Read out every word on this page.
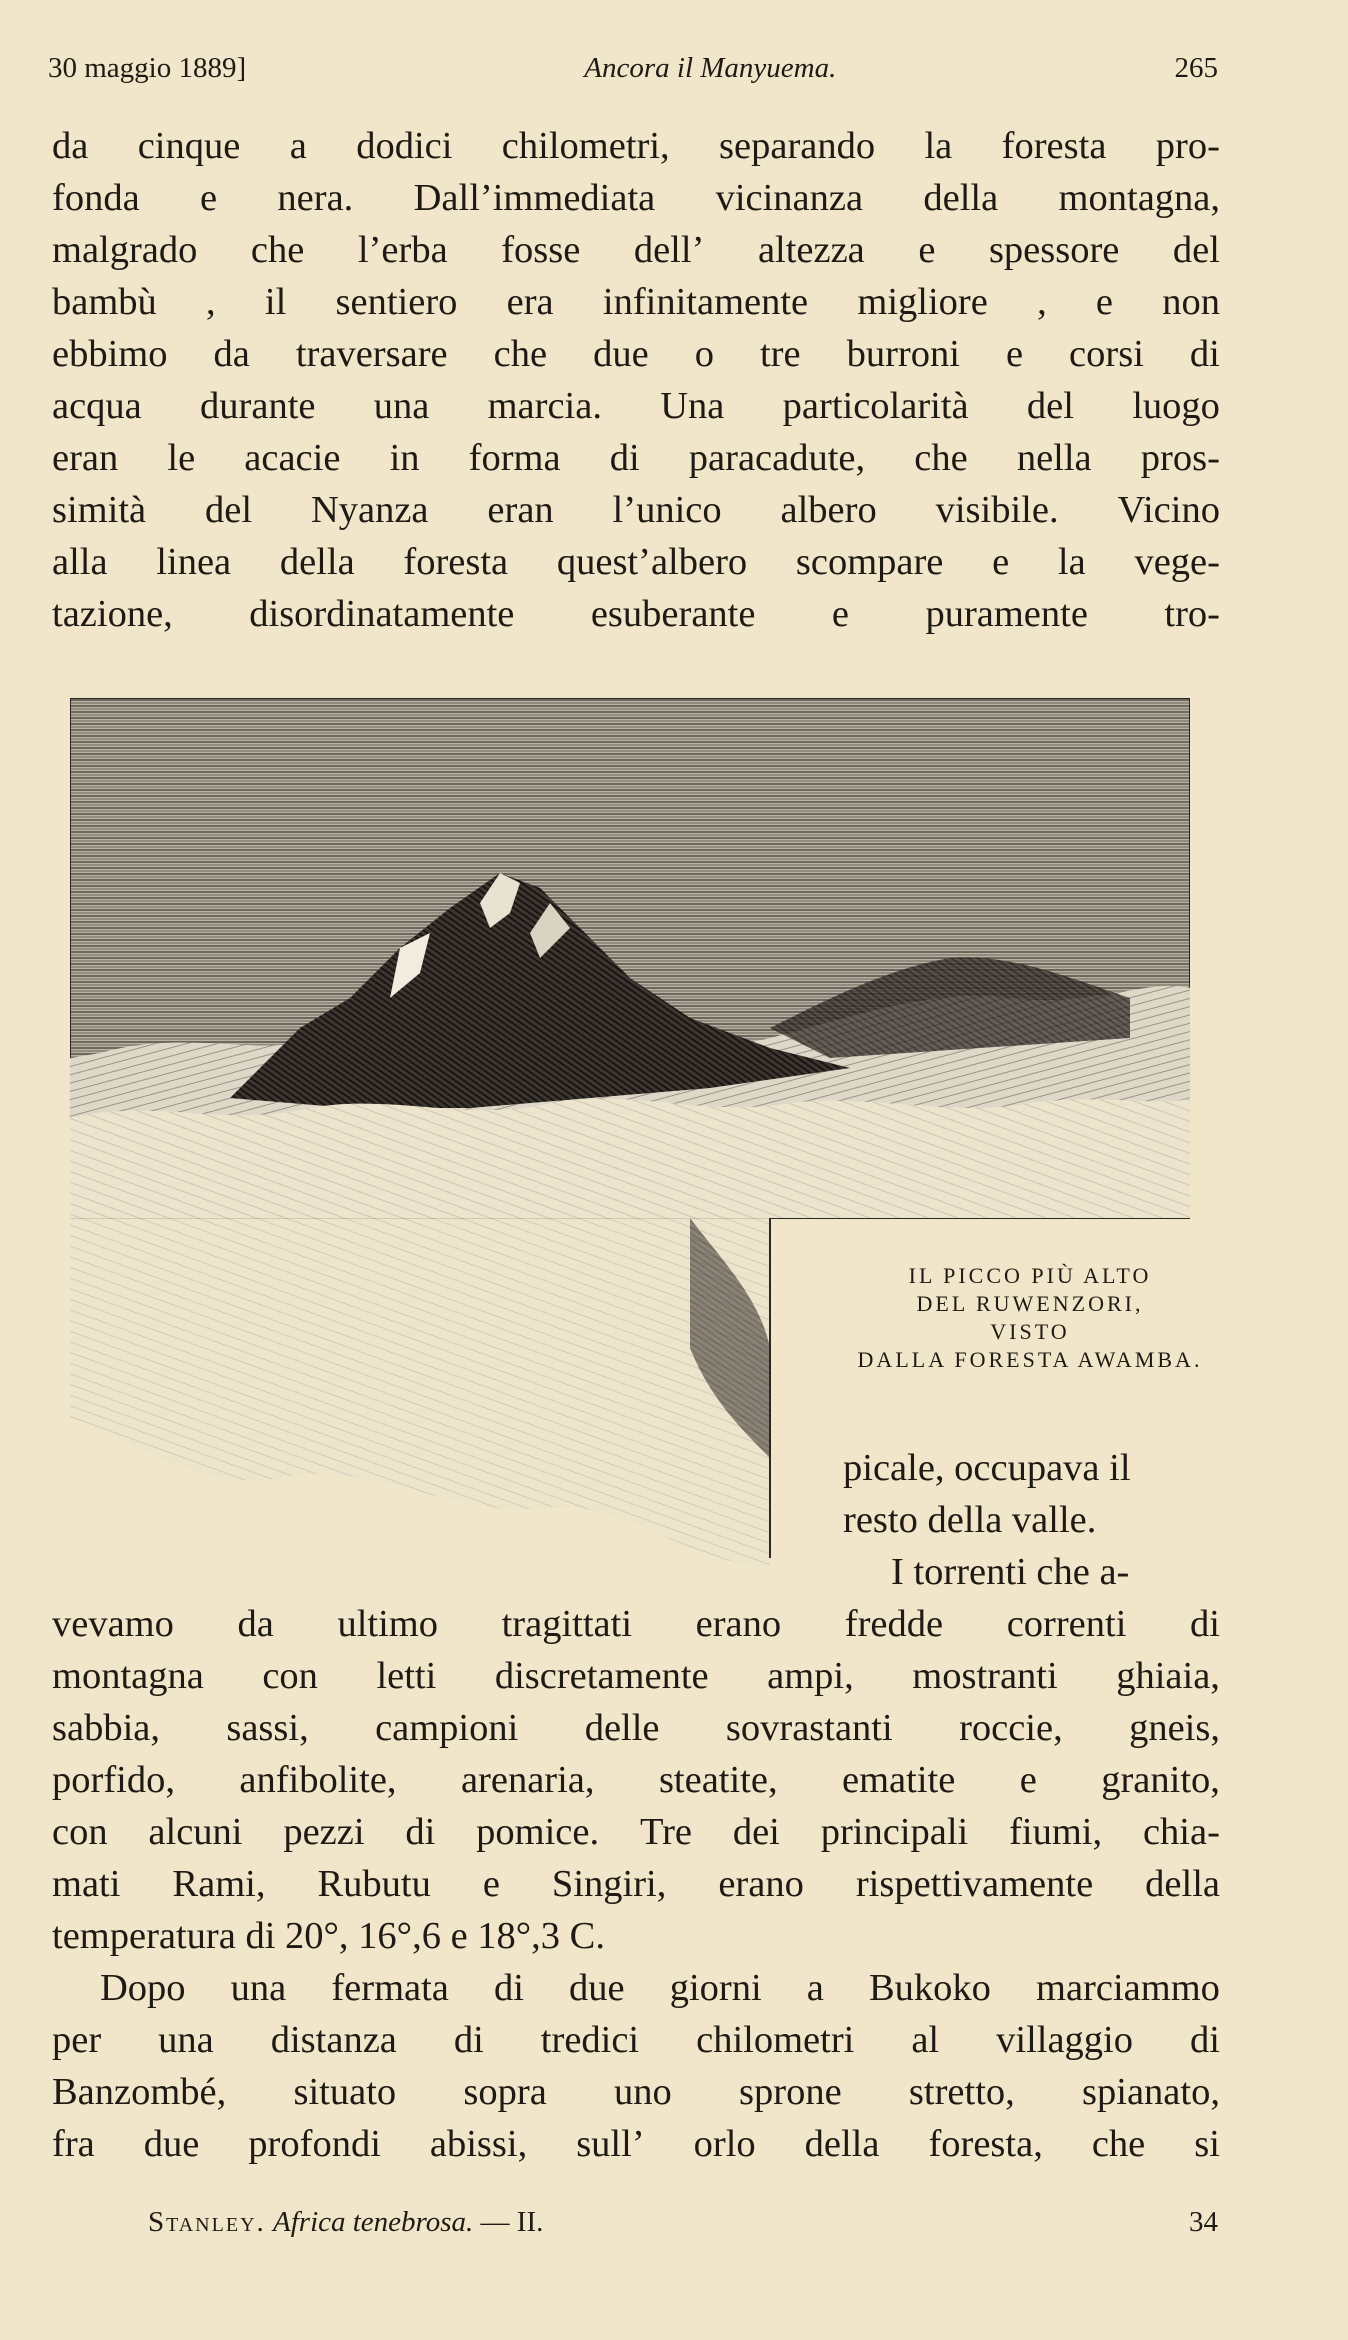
30 maggio 1889]	Ancora il Manyuema.	265
da cinque a dodici chilometri, separando la foresta pro-
fonda e nera. Dall’immediata vicinanza della montagna,
malgrado che l’erba fosse dell’ altezza e spessore del
bambù , il sentiero era infinitamente migliore , e non
ebbimo da traversare che due o tre burroni e corsi di
acqua durante una marcia. Una particolarità del luogo
eran le acacie in forma di paracadute, che nella pros-
simità del Nyanza eran l’unico albero visibile. Vicino
alla linea della foresta quest’albero scompare e la vege-
tazione, disordinatamente esuberante e puramente tro-
IL PICCO PIÙ ALTO
DEL RUWENZORI,
VISTO
DALLA FORESTA AWAMBA.
picale, occupava il
resto della valle.
I torrenti che a-
vevamo da ultimo tragittati erano fredde correnti di
montagna con letti discretamente ampi, mostranti ghiaia,
sabbia, sassi, campioni delle sovrastanti roccie, gneis,
porfido, anfibolite, arenaria, steatite, ematite e granito,
con alcuni pezzi di pomice. Tre dei principali fiumi, chia-
mati Rami, Rubutu e Singiri, erano rispettivamente della
temperatura di 20°, 16°,6 e 18°,3 C.
Dopo una fermata di due giorni a Bukoko marciammo
per una distanza di tredici chilometri al villaggio di
Banzombé, situato sopra uno sprone stretto, spianato,
fra due profondi abissi, sull’ orlo della foresta, che si
Stanley. Africa tenebrosa. — II.	34
